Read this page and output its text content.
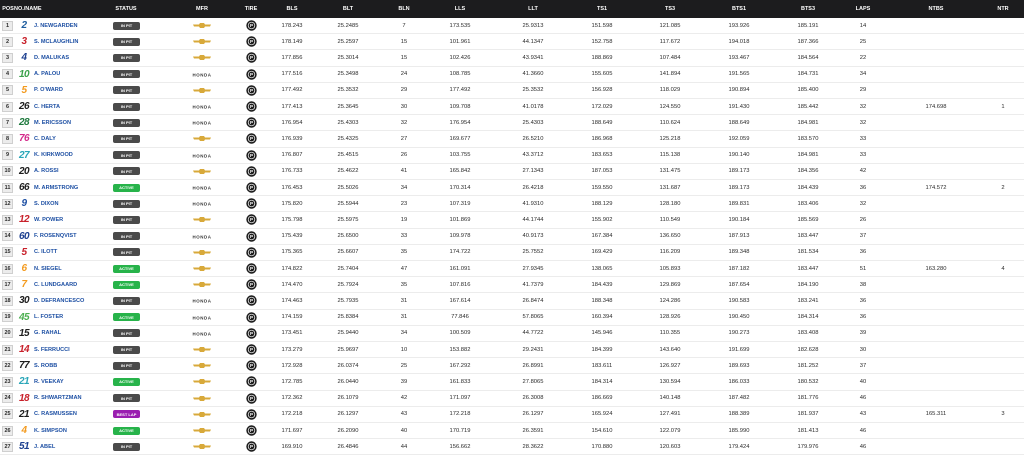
POS NO./NAME	STATUS	MFR	TIRE	BLS	BLT	BLN	LLS	LLT	TS1	TS3	BTS1	BTS3	LAPS	NTBS	NTR
1	2	J. NEWGARDEN	IN PIT	P	178.243	25.2485	7	173.535	25.9313	151.598	121.085	193.926	185.191	14
2	3	S. MCLAUGHLIN	IN PIT	P	178.149	25.2597	15	101.961	44.1347	152.758	117.672	194.018	187.366	25
3	4	D. MALUKAS	IN PIT	P	177.856	25.3014	15	102.426	43.9341	188.869	107.484	193.467	184.564	22
4 10 A. PALOU	IN PIT	HONDA	P	177.516	25.3498	24	108.785	41.3660	155.605	141.894	191.565	184.731	34
5	5	P. O'WARD	IN PIT	P	177.492	25.3532	29	177.492	25.3532	156.928	118.029	190.894	185.400	29
6 26 C. HERTA	IN PIT	HONDA	P	177.413	25.3645	30	109.708	41.0178	172.029	124.550	191.430	185.442	32	174.698	1
7 28 M. ERICSSON	IN PIT	HONDA	P	176.954	25.4303	32	176.954	25.4303	188.649	110.624	188.649	184.981	32
8 76 C. DALY	IN PIT	P	176.939	25.4325	27	169.677	26.5210	186.968	125.218	192.059	183.570	33
9 27 K. KIRKWOOD	IN PIT	HONDA	P	176.807	25.4515	26	103.755	43.3712	183.653	115.138	190.140	184.981	33
10 20 A. ROSSI	IN PIT	P	176.733	25.4622	41	165.842	27.1343	187.053	131.475	189.173	184.356	42
11 66 M. ARMSTRONG	ACTIVE	HONDA	P	176.453	25.5026	34	170.314	26.4218	159.550	131.687	189.173	184.439	36	174.572	2
12	9	S. DIXON	IN PIT	HONDA	P	175.820	25.5944	23	107.319	41.9310	188.129	128.180	189.831	183.406	32
13 12 W. POWER	IN PIT	P	175.798	25.5975	19	101.869	44.1744	155.902	110.549	190.184	185.569	26
14 60 F. ROSENQVIST	IN PIT	HONDA	P	175.439	25.6500	33	109.978	40.9173	167.384	136.650	187.913	183.447	37
15	5	C. ILOTT	IN PIT	P	175.365	25.6607	35	174.722	25.7552	169.429	116.209	189.348	181.534	36
16	6	N. SIEGEL	ACTIVE	P	174.822	25.7404	47	161.091	27.9345	138.065	105.893	187.182	183.447	51	163.280	4
17	7	C. LUNDGAARD	ACTIVE	P	174.470	25.7924	35	107.816	41.7379	184.439	129.869	187.654	184.190	38
18 30 D. DEFRANCESCO	IN PIT	HONDA	P	174.463	25.7935	31	167.614	26.8474	188.348	124.286	190.583	183.241	36
19 45 L. FOSTER	ACTIVE	HONDA	P	174.159	25.8384	31	77.846	57.8065	160.394	128.926	190.450	184.314	36
20 15 G. RAHAL	IN PIT	HONDA	P	173.451	25.9440	34	100.509	44.7722	145.946	110.355	190.273	183.408	39
21 14 S. FERRUCCI	IN PIT	P	173.279	25.9697	10	153.882	29.2431	184.399	143.640	191.699	182.628	30
22 77 S. ROBB	IN PIT	P	172.928	26.0374	25	167.292	26.8991	183.611	126.927	189.693	181.252	37
23 21 R. VEEKAY	ACTIVE	P	172.785	26.0440	39	161.833	27.8065	184.314	130.594	186.033	180.532	40
24 18 R. SHWARTZMAN	IN PIT	P	172.362	26.1079	42	171.097	26.3008	186.669	140.148	187.482	181.776	46
25 21 C. RASMUSSEN	BEST LAP	P	172.218	26.1297	43	172.218	26.1297	165.924	127.491	188.389	181.937	43	165.311	3
26	4	K. SIMPSON	ACTIVE	P	171.697	26.2090	40	170.719	26.3591	154.610	122.079	185.990	181.413	46
27 51 J. ABEL	IN PIT	P	169.910	26.4846	44	156.662	28.3622	170.880	120.603	179.424	179.976	46
